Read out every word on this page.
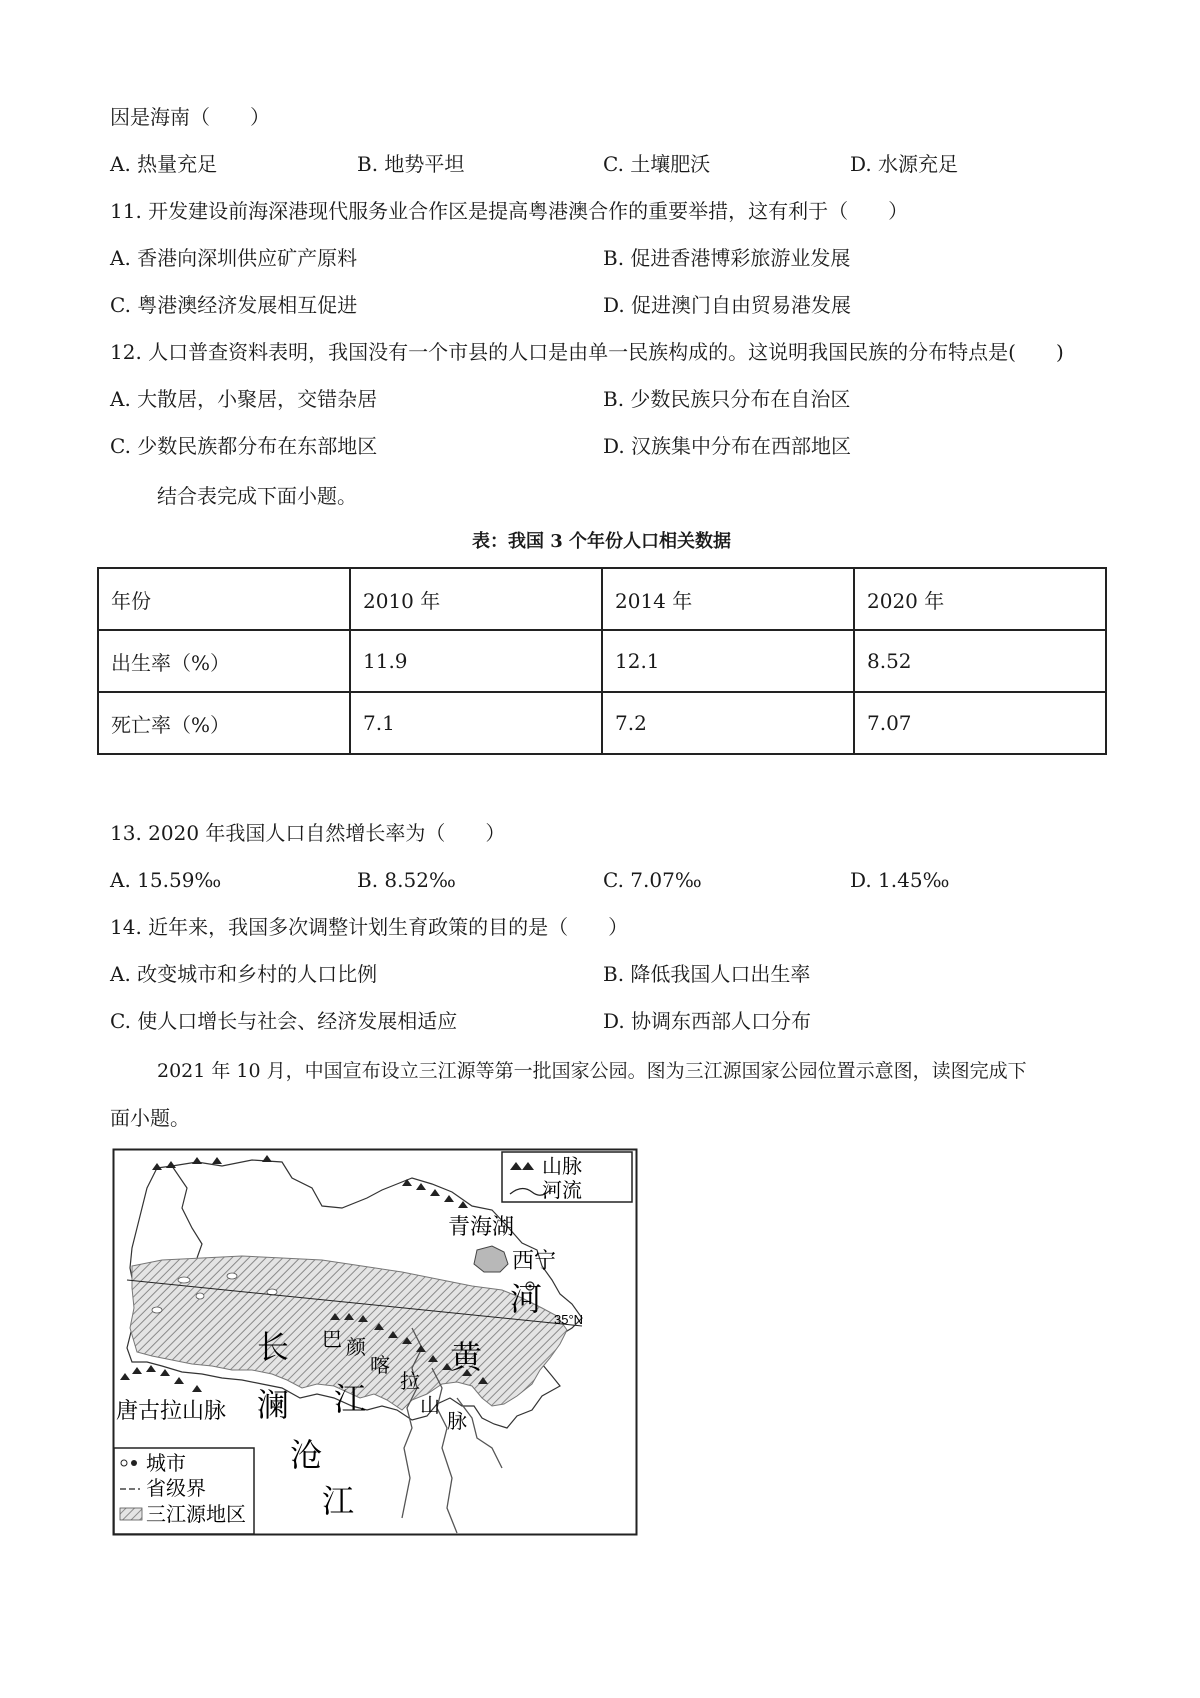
因是海南（　　）
A. 热量充足	B. 地势平坦	C. 土壤肥沃	D. 水源充足
11. 开发建设前海深港现代服务业合作区是提高粤港澳合作的重要举措，这有利于（　　）
A. 香港向深圳供应矿产原料	B. 促进香港博彩旅游业发展
C. 粤港澳经济发展相互促进	D. 促进澳门自由贸易港发展
12. 人口普查资料表明，我国没有一个市县的人口是由单一民族构成的。这说明我国民族的分布特点是(　　)
A. 大散居，小聚居，交错杂居	B. 少数民族只分布在自治区
C. 少数民族都分布在东部地区	D. 汉族集中分布在西部地区
结合表完成下面小题。
表：我国 3 个年份人口相关数据
年份	2010 年	2014 年	2020 年
出生率（%）	11.9	12.1	8.52
死亡率（%）	7.1	7.2	7.07
13. 2020 年我国人口自然增长率为（　　）
A. 15.59‰	B. 8.52‰	C. 7.07‰	D. 1.45‰
14. 近年来，我国多次调整计划生育政策的目的是（　　）
A. 改变城市和乡村的人口比例	B. 降低我国人口出生率
C. 使人口增长与社会、经济发展相适应	D. 协调东西部人口分布
2021 年 10 月，中国宣布设立三江源等第一批国家公园。图为三江源国家公园位置示意图，读图完成下
面小题。
山脉
河流
城市
省级界
三江源地区
青海湖
西宁
35°N
河
黄
长
江
澜
沧
江
巴 颜
喀
拉
山
脉
唐古拉山脉
